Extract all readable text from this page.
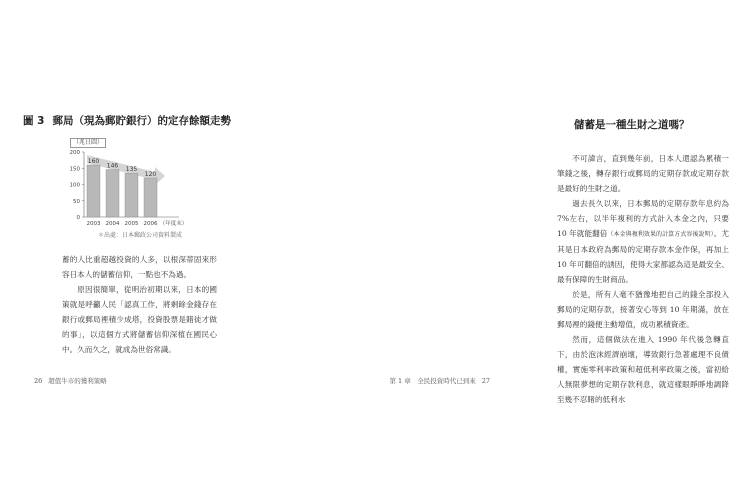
圖 3 郵局（現為郵貯銀行）的定存餘額走勢
（兆日圓）
0
50
100
150
200
160
146
135
120
2003 2004 2005 2006 （年度末）
＊出處：日本郵政公司資料製成

蓄的人比重超越投資的人多，以根深蒂固來形容日本人的儲蓄信仰，一點也不為過。

原因很簡單，從明治初期以來，日本的國策就是呼籲人民「認真工作，將剩餘金錢存在銀行或郵局裡積少成塔，投資股票是賭徒才做的事」，以這個方式將儲蓄信仰深植在國民心中。久而久之，就成為世俗常識。

26 超值牛市的獲利策略
儲蓄是一種生財之道嗎？

不可諱言，直到幾年前，日本人還認為累積一筆錢之後，轉存銀行或郵局的定期存款或定期存款是最好的生財之道。

過去長久以來，日本郵局的定期存款年息約為 7%左右，以半年複利的方式計入本金之內，只要 10 年就能翻倍（本金與複利效果的計算方式容後說明）。尤其是日本政府為郵局的定期存款本金作保，再加上 10 年可翻倍的誘因，使得大家都認為這是最安全、最有保障的生財商品。

於是，所有人毫不猶豫地把自己的錢全部投入郵局的定期存款，接著安心等到 10 年期滿，放在郵局裡的錢便主動增值，成功累積資產。

然而，這個做法在進入 1990 年代後急轉直下，由於泡沫經濟崩壞，導致銀行急著處理不良債權，實施零利率政策和超低利率政策之後，當初給人無限夢想的定期存款利息，就這樣眼睜睜地調降至幾不忍睹的低利水

第 1 章　全民投資時代已到來 27
